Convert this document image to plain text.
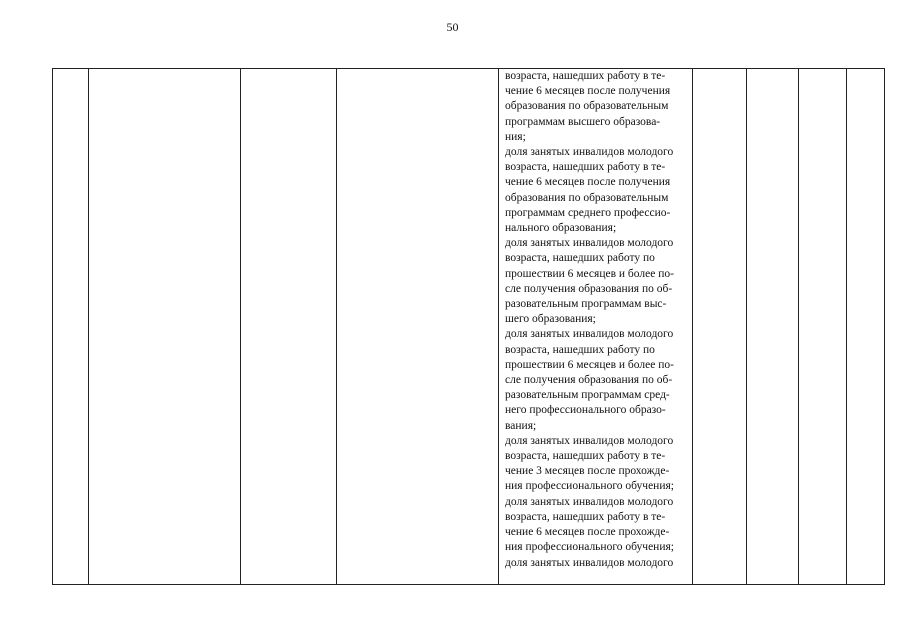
50

возраста, нашедших работу в те-
чение 6 месяцев после получения
образования по образовательным
программам высшего образова-
ния;
доля занятых инвалидов молодого
возраста, нашедших работу в те-
чение 6 месяцев после получения
образования по образовательным
программам среднего профессио-
нального образования;
доля занятых инвалидов молодого
возраста, нашедших работу по
прошествии 6 месяцев и более по-
сле получения образования по об-
разовательным программам выс-
шего образования;
доля занятых инвалидов молодого
возраста, нашедших работу по
прошествии 6 месяцев и более по-
сле получения образования по об-
разовательным программам сред-
него профессионального образо-
вания;
доля занятых инвалидов молодого
возраста, нашедших работу в те-
чение 3 месяцев после прохожде-
ния профессионального обучения;
доля занятых инвалидов молодого
возраста, нашедших работу в те-
чение 6 месяцев после прохожде-
ния профессионального обучения;
доля занятых инвалидов молодого
